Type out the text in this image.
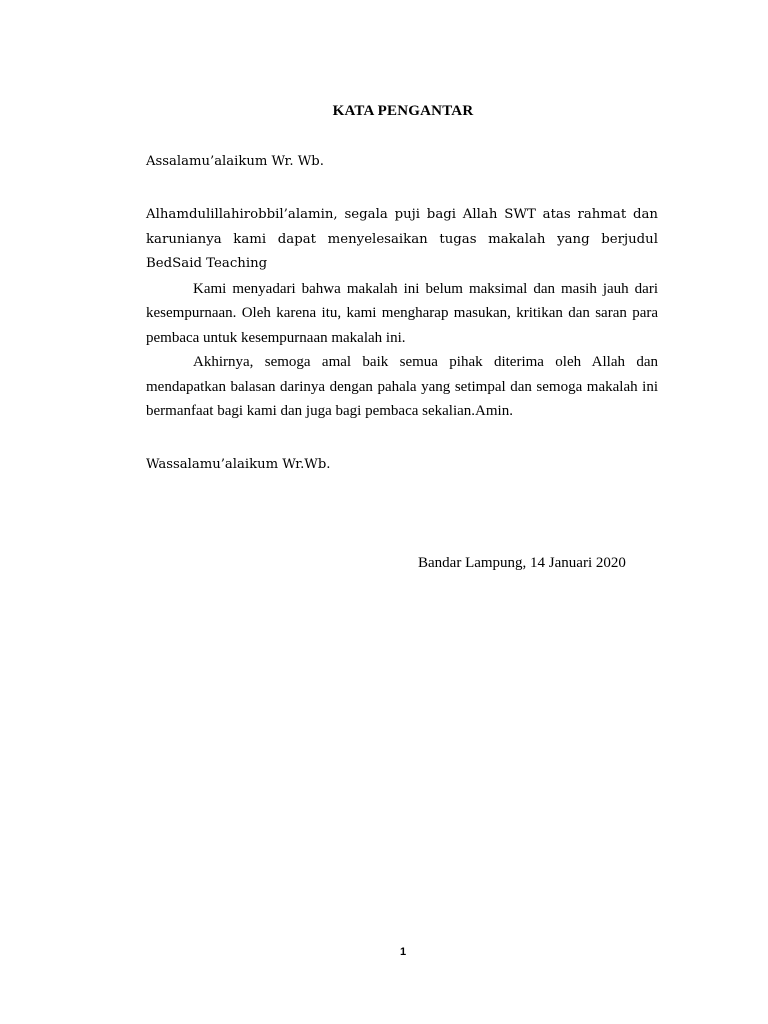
KATA PENGANTAR
Assalamu’alaikum Wr. Wb.

Alhamdulillahirobbil’alamin, segala puji bagi Allah SWT atas rahmat dan karunianya kami dapat menyelesaikan tugas makalah yang berjudul BedSaid Teaching

Kami menyadari bahwa makalah ini belum maksimal dan masih jauh dari kesempurnaan. Oleh karena itu, kami mengharap masukan, kritikan dan saran para pembaca untuk kesempurnaan makalah ini.

Akhirnya, semoga amal baik semua pihak diterima oleh Allah dan mendapatkan balasan darinya dengan pahala yang setimpal dan semoga makalah ini bermanfaat bagi kami dan juga bagi pembaca sekalian.Amin.

Wassalamu’alaikum Wr.Wb.
Bandar Lampung, 14 Januari 2020
1
